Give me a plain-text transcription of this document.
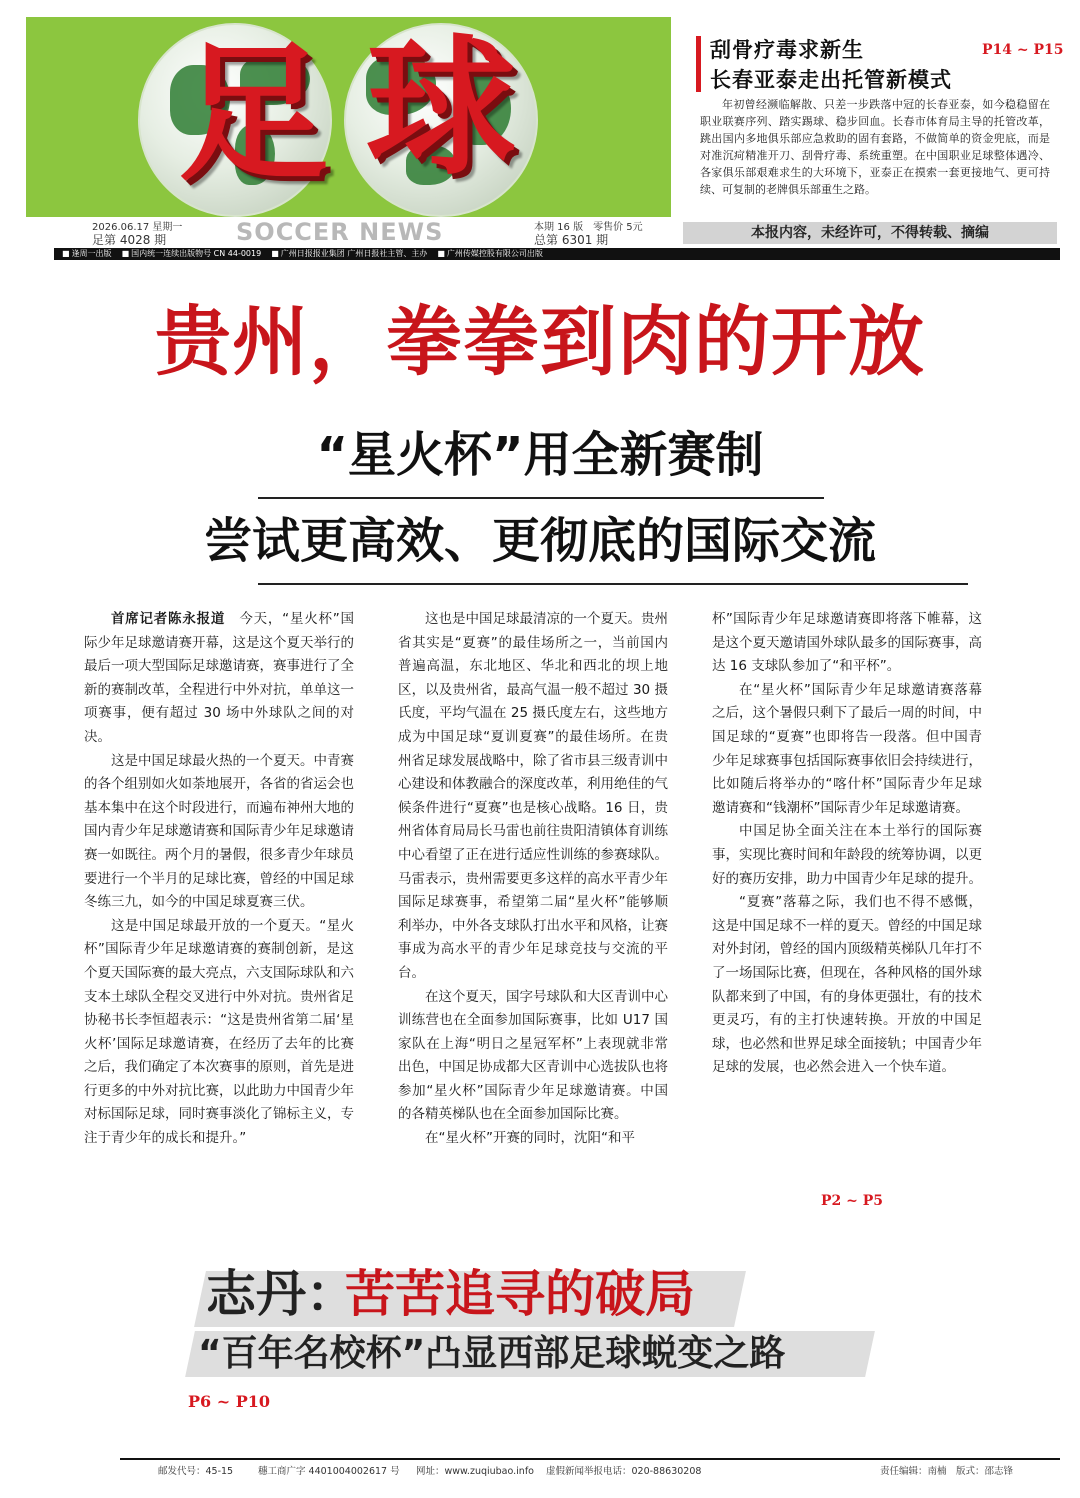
足 球	刮骨疗毒求新生
长春亚泰走出托管新模式
P14 ~ P15
年初曾经濒临解散、只差一步跌落中冠的长春亚泰，如今稳稳留在职业联赛序列、踏实踢球、稳步回血。长春市体育局主导的托管改革，跳出国内多地俱乐部应急救助的固有套路，不做简单的资金兜底，而是对准沉疴精准开刀、刮骨疗毒、系统重塑。在中国职业足球整体遇冷、各家俱乐部艰难求生的大环境下，亚泰正在摸索一套更接地气、更可持续、可复制的老牌俱乐部重生之路。
2026.06.17 星期一
足第 4028 期	SOCCER NEWS	本期 16 版　零售价 5元
总第 6301 期	本报内容，未经许可，不得转载、摘编
■ 逢周一出版	■ 国内统一连续出版物号 CN 44-0019	■ 广州日报报业集团 广州日报社主管、主办	■ 广州传媒控股有限公司出版
贵州，拳拳到肉的开放
“星火杯”用全新赛制
尝试更高效、更彻底的国际交流

首席记者陈永报道　 今天，“星火杯”国际少年足球邀请赛开幕，这是这个夏天举行的最后一项大型国际足球邀请赛，赛事进行了全新的赛制改革，全程进行中外对抗，单单这一项赛事，便有超过 30 场中外球队之间的对决。

这是中国足球最火热的一个夏天。中青赛的各个组别如火如荼地展开，各省的省运会也基本集中在这个时段进行，而遍布神州大地的国内青少年足球邀请赛和国际青少年足球邀请赛一如既往。两个月的暑假，很多青少年球员要进行一个半月的足球比赛，曾经的中国足球冬练三九，如今的中国足球夏赛三伏。

这是中国足球最开放的一个夏天。“星火杯”国际青少年足球邀请赛的赛制创新，是这个夏天国际赛的最大亮点，六支国际球队和六支本土球队全程交叉进行中外对抗。贵州省足协秘书长李恒超表示：“这是贵州省第二届‘星火杯’国际足球邀请赛，在经历了去年的比赛之后，我们确定了本次赛事的原则，首先是进行更多的中外对抗比赛，以此助力中国青少年对标国际足球，同时赛事淡化了锦标主义，专注于青少年的成长和提升。”

这也是中国足球最清凉的一个夏天。贵州省其实是“夏赛”的最佳场所之一，当前国内普遍高温，东北地区、华北和西北的坝上地区，以及贵州省，最高气温一般不超过 30 摄氏度，平均气温在 25 摄氏度左右，这些地方成为中国足球“夏训夏赛”的最佳场所。在贵州省足球发展战略中，除了省市县三级青训中心建设和体教融合的深度改革，利用绝佳的气候条件进行“夏赛”也是核心战略。16 日，贵州省体育局局长马雷也前往贵阳清镇体育训练中心看望了正在进行适应性训练的参赛球队。马雷表示，贵州需要更多这样的高水平青少年国际足球赛事，希望第二届“星火杯”能够顺利举办，中外各支球队打出水平和风格，让赛事成为高水平的青少年足球竞技与交流的平台。

在这个夏天，国字号球队和大区青训中心训练营也在全面参加国际赛事，比如 U17 国家队在上海“明日之星冠军杯”上表现就非常出色，中国足协成都大区青训中心选拔队也将参加“星火杯”国际青少年足球邀请赛。中国的各精英梯队也在全面参加国际比赛。

在“星火杯”开赛的同时，沈阳“和平

杯”国际青少年足球邀请赛即将落下帷幕，这是这个夏天邀请国外球队最多的国际赛事，高达 16 支球队参加了“和平杯”。

在“星火杯”国际青少年足球邀请赛落幕之后，这个暑假只剩下了最后一周的时间，中国足球的“夏赛”也即将告一段落。但中国青少年足球赛事包括国际赛事依旧会持续进行，比如随后将举办的“喀什杯”国际青少年足球邀请赛和“钱潮杯”国际青少年足球邀请赛。

中国足协全面关注在本土举行的国际赛事，实现比赛时间和年龄段的统筹协调，以更好的赛历安排，助力中国青少年足球的提升。

“夏赛”落幕之际，我们也不得不感慨，这是中国足球不一样的夏天。曾经的中国足球对外封闭，曾经的国内顶级精英梯队几年打不了一场国际比赛，但现在，各种风格的国外球队都来到了中国，有的身体更强壮，有的技术更灵巧，有的主打快速转换。开放的中国足球，也必然和世界足球全面接轨；中国青少年足球的发展，也必然会进入一个快车道。

P2 ~ P5
志丹：
苦苦追寻的破局
“百年名校杯”凸显西部足球蜕变之路
P6 ~ P10
邮发代号：45-15	穗工商广字 4401004002617 号 网址：www.zuqiubao.info 虚假新闻举报电话：020-88630208	责任编辑：南楠　版式：邵志锋
